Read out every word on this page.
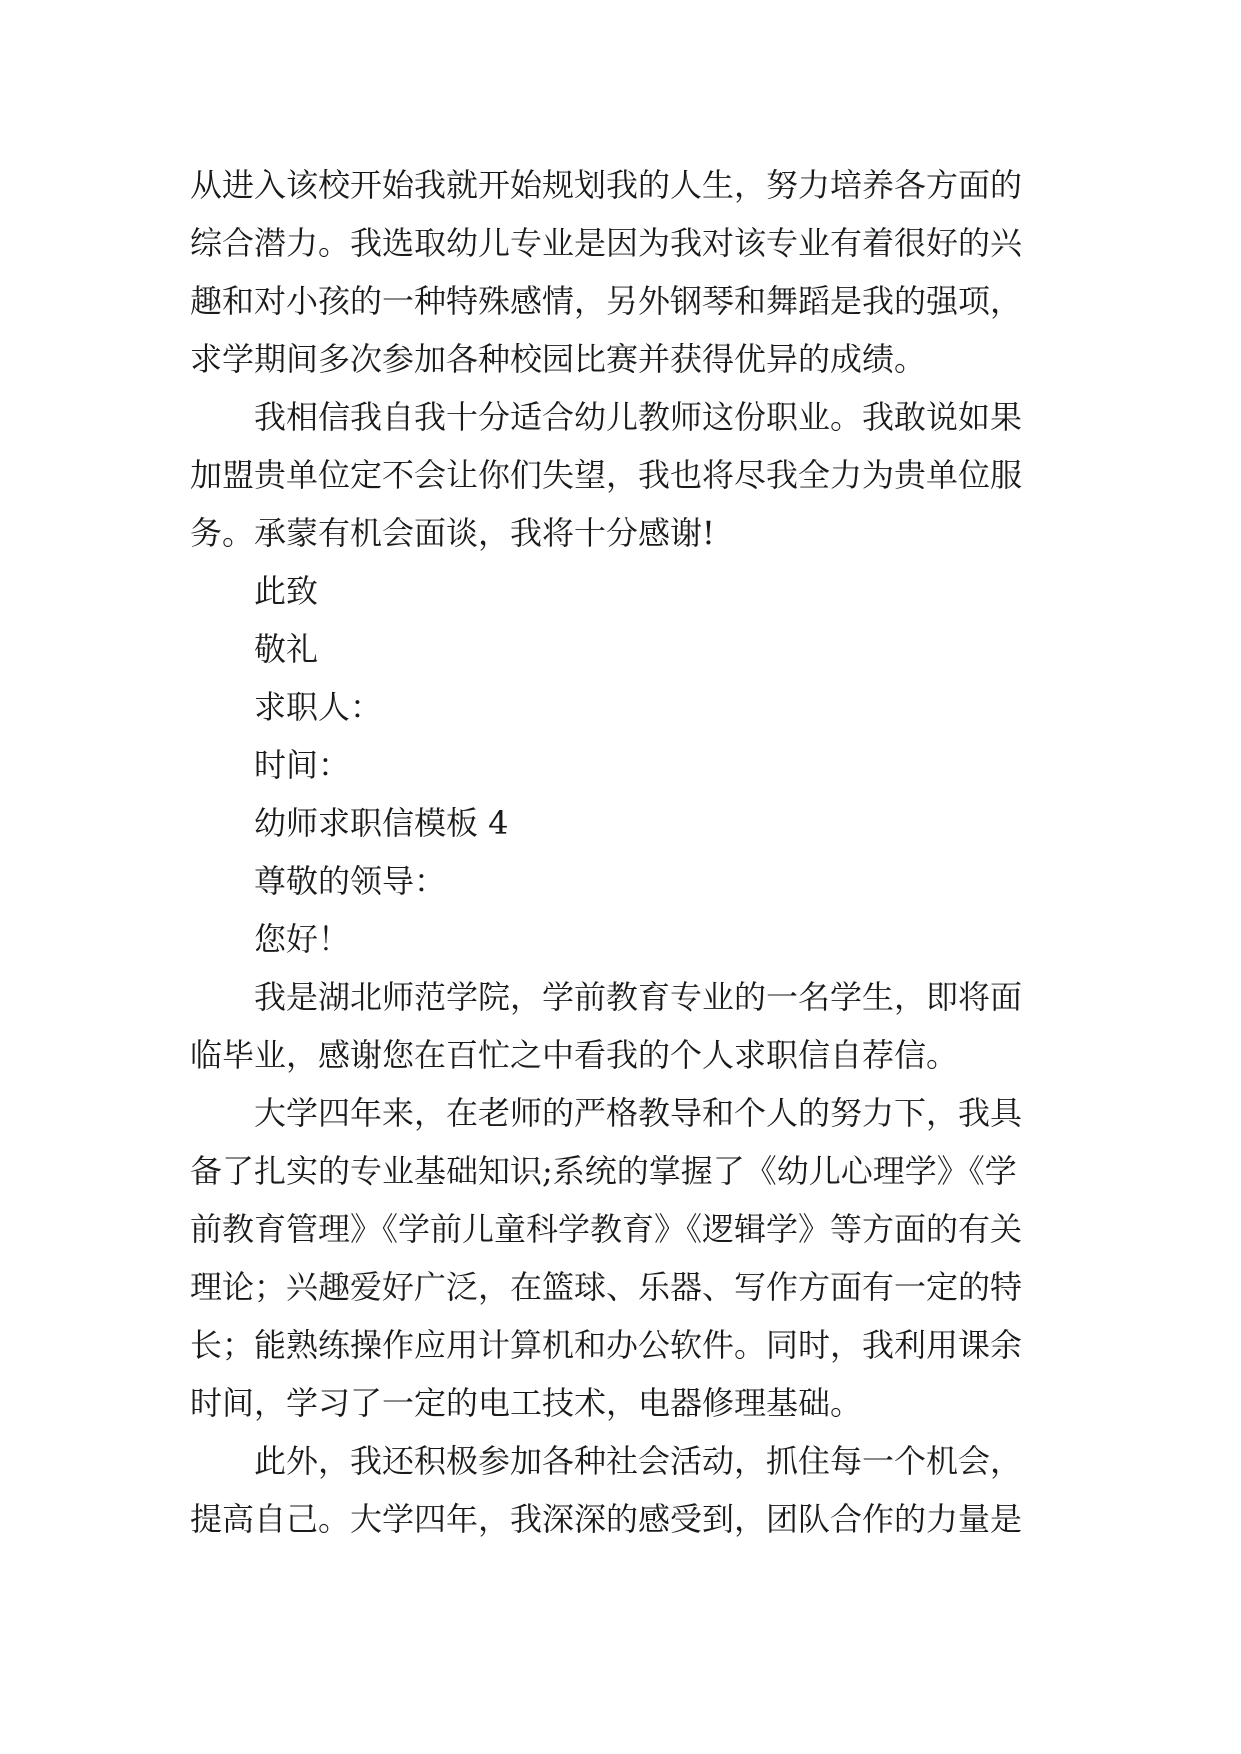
从进入该校开始我就开始规划我的人生，努力培养各方面的
综合潜力。我选取幼儿专业是因为我对该专业有着很好的兴
趣和对小孩的一种特殊感情，另外钢琴和舞蹈是我的强项，
求学期间多次参加各种校园比赛并获得优异的成绩。
我相信我自我十分适合幼儿教师这份职业。我敢说如果
加盟贵单位定不会让你们失望，我也将尽我全力为贵单位服
务。承蒙有机会面谈，我将十分感谢!
此致
敬礼
求职人：
时间：
幼师求职信模板 4
尊敬的领导：
您好！
我是湖北师范学院，学前教育专业的一名学生，即将面
临毕业，感谢您在百忙之中看我的个人求职信自荐信。
大学四年来，在老师的严格教导和个人的努力下，我具
备了扎实的专业基础知识;系统的掌握了《幼儿心理学》《学
前教育管理》《学前儿童科学教育》《逻辑学》等方面的有关
理论；兴趣爱好广泛，在篮球、乐器、写作方面有一定的特
长；能熟练操作应用计算机和办公软件。同时，我利用课余
时间，学习了一定的电工技术，电器修理基础。
此外，我还积极参加各种社会活动，抓住每一个机会，
提高自己。大学四年，我深深的感受到，团队合作的力量是
